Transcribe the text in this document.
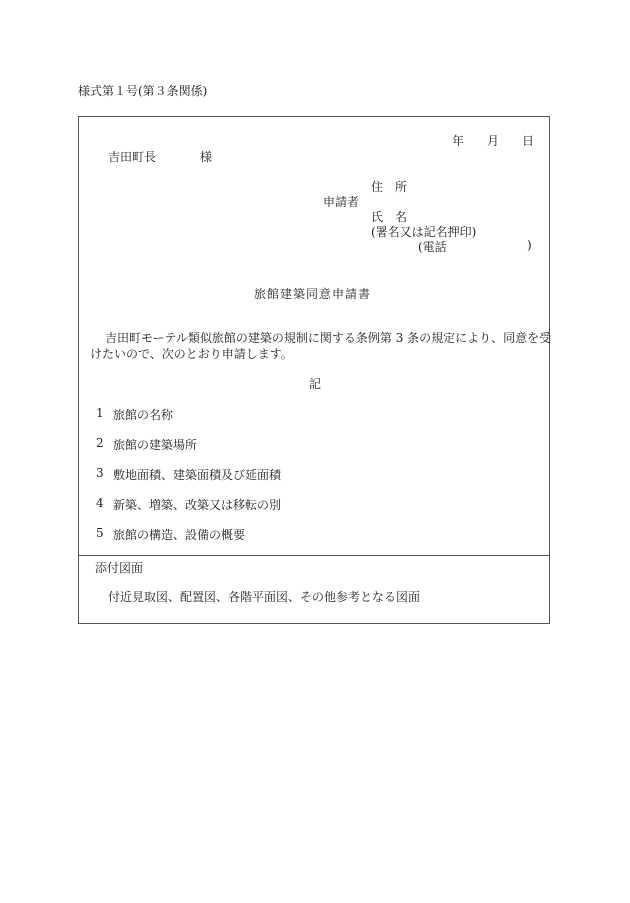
様式第１号(第３条関係)
年 月 日
吉田町長	様
住　所
申請者
氏　名
(署名又は記名押印)
(電話	)
旅館建築同意申請書
吉田町モーテル類似旅館の建築の規制に関する条例第 3 条の規定により、同意を受
けたいので、次のとおり申請します。
記
1 旅館の名称
2 旅館の建築場所
3 敷地面積、建築面積及び延面積
4 新築、増築、改築又は移転の別
5 旅館の構造、設備の概要
添付図面
付近見取図、配置図、各階平面図、その他参考となる図面
